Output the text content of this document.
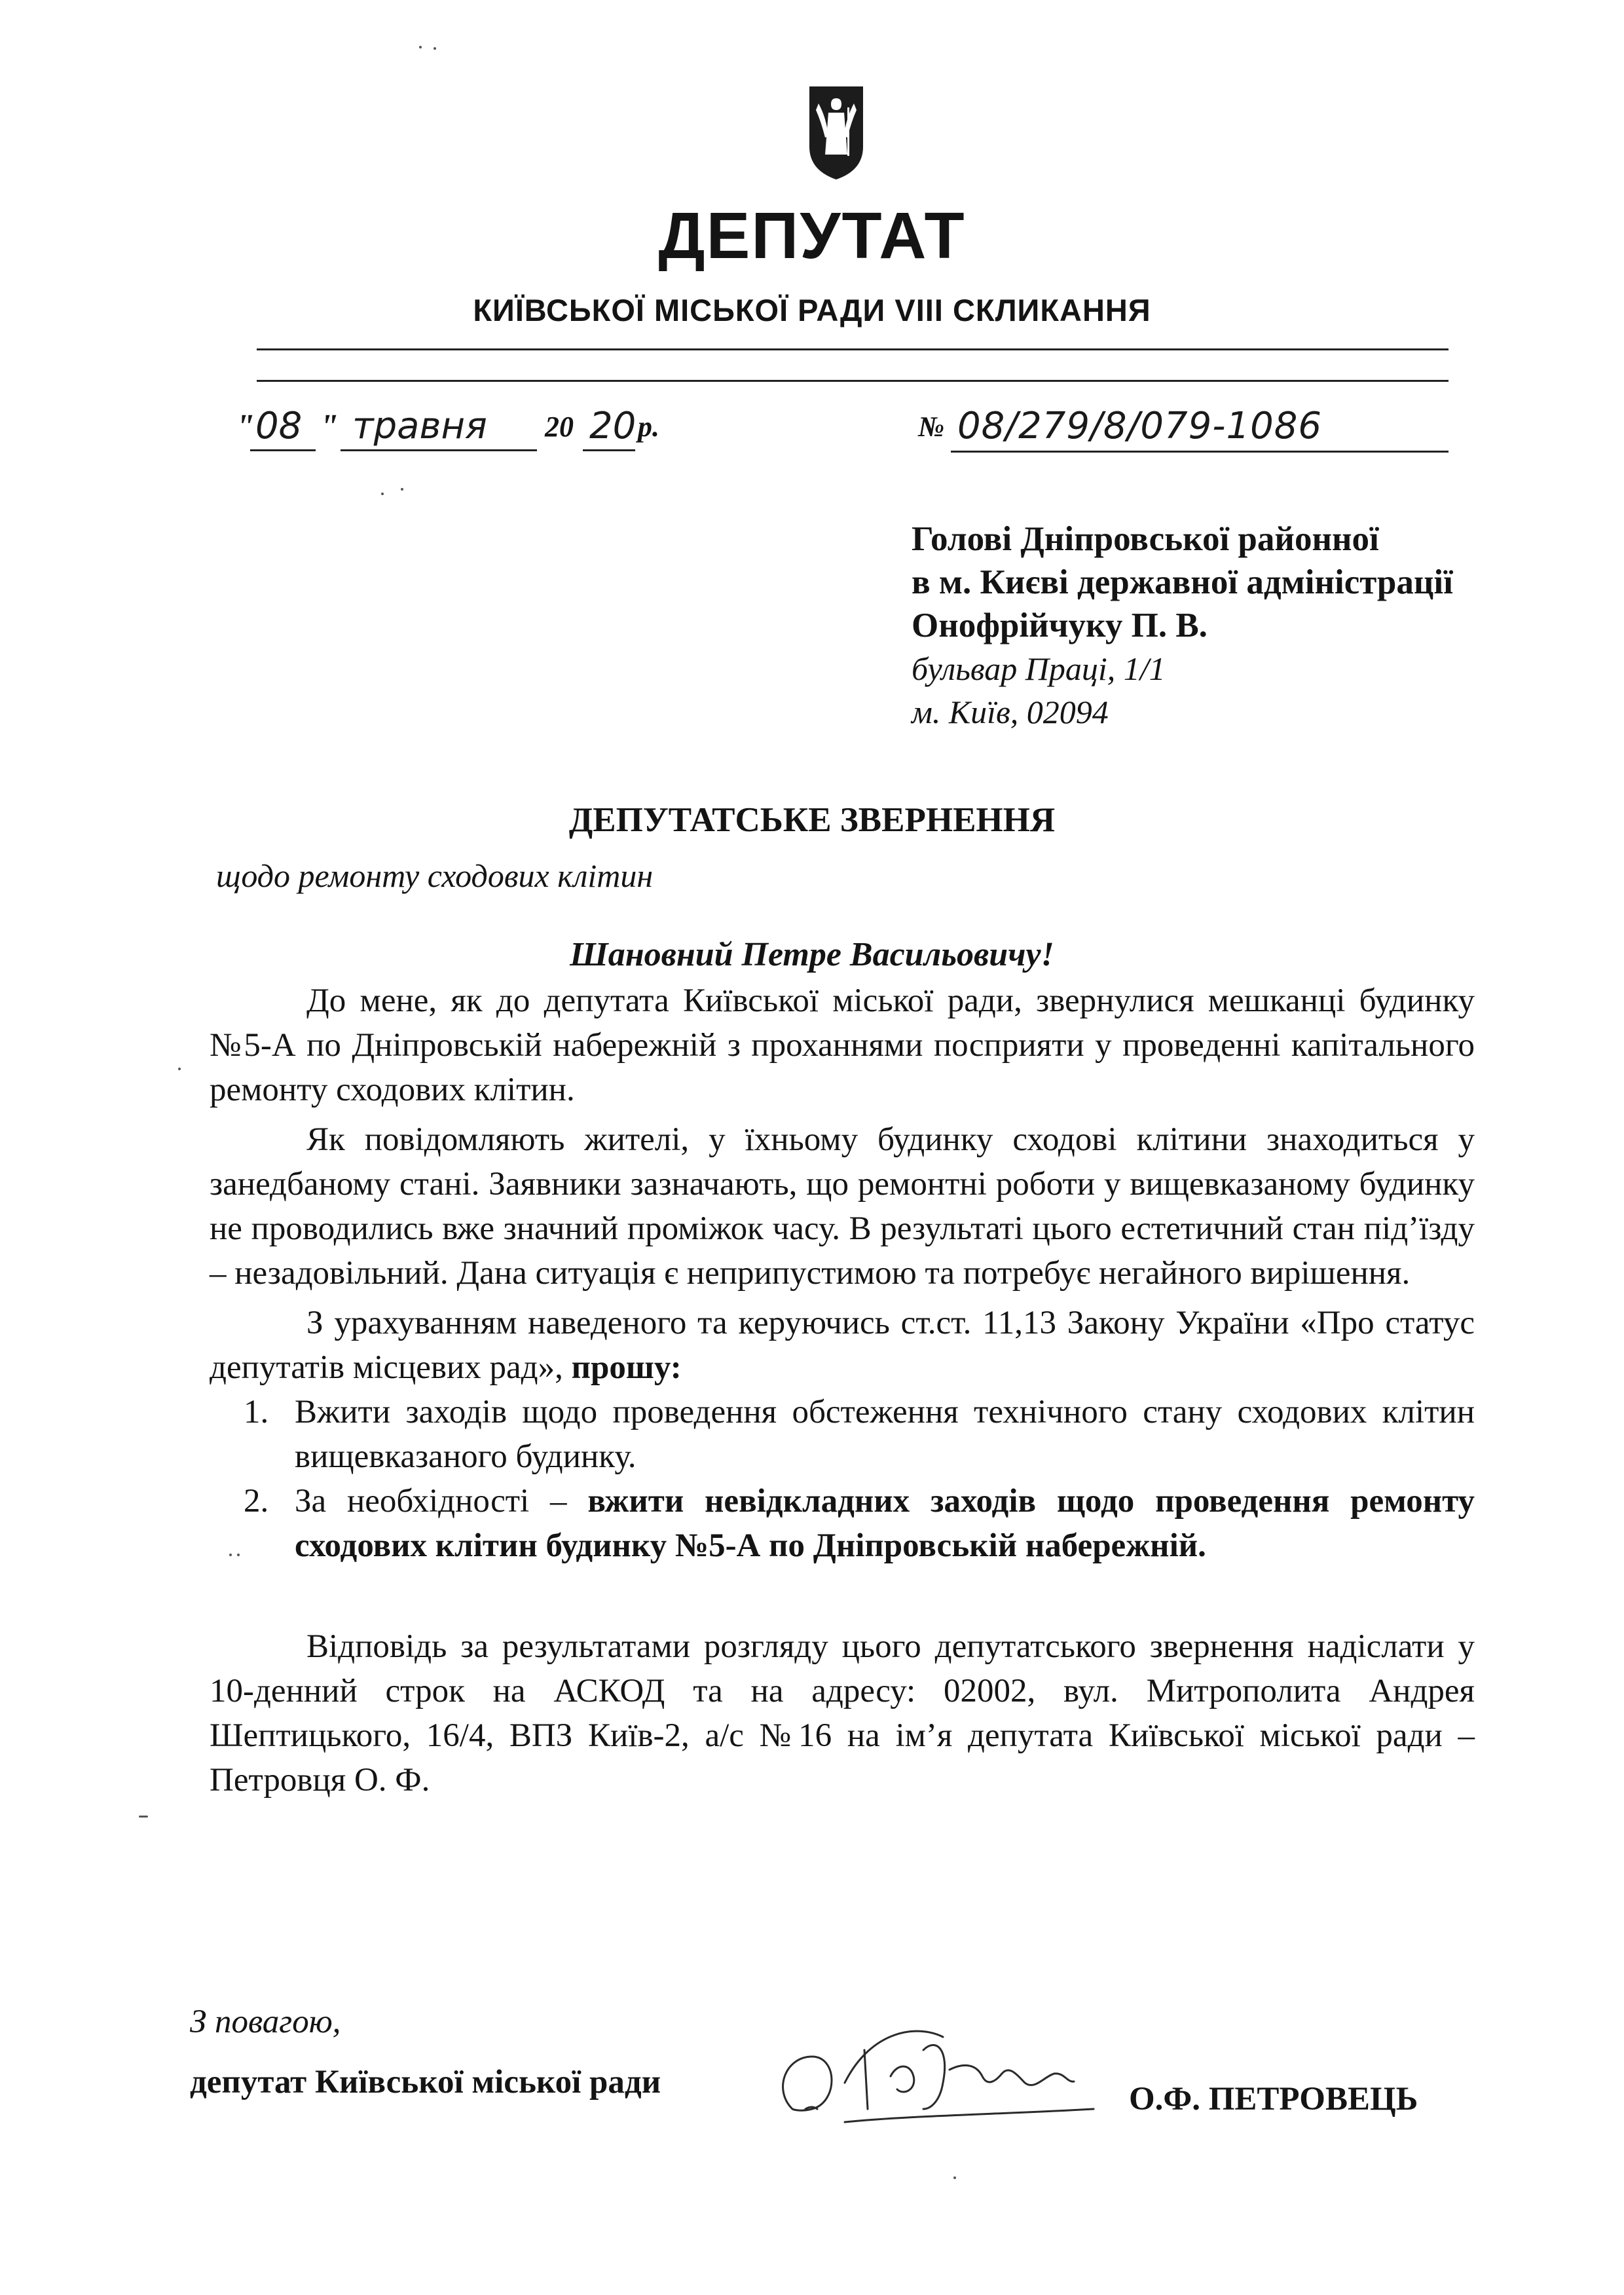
ДЕПУТАТ
КИЇВСЬКОЇ МІСЬКОЇ РАДИ VIII СКЛИКАННЯ
" 08 " травня 20 20 р.	№ 08/279/8/079-1086
Голові Дніпровської районної
в м. Києві державної адміністрації
Онофрійчуку П. В.
бульвар Праці, 1/1
м. Київ, 02094
ДЕПУТАТСЬКЕ ЗВЕРНЕННЯ
щодо ремонту сходових клітин
Шановний Петре Васильовичу!

До мене, як до депутата Київської міської ради, звернулися мешканці будинку №5-А по Дніпровській набережній з проханнями посприяти у проведенні капітального ремонту сходових клітин.

Як повідомляють жителі, у їхньому будинку сходові клітини знаходиться у занедбаному стані. Заявники зазначають, що ремонтні роботи у вищевказаному будинку не проводились вже значний проміжок часу. В результаті цього естетичний стан під’їзду – незадовільний. Дана ситуація є неприпустимою та потребує негайного вирішення.

З урахуванням наведеного та керуючись ст.ст. 11,13 Закону України «Про статус депутатів місцевих рад», прошу:

1. Вжити заходів щодо проведення обстеження технічного стану сходових клітин вищевказаного будинку.
2. За необхідності – вжити невідкладних заходів щодо проведення ремонту сходових клітин будинку №5-А по Дніпровській набережній.

Відповідь за результатами розгляду цього депутатського звернення надіслати у 10-денний строк на АСКОД та на адресу: 02002, вул. Митрополита Андрея Шептицького, 16/4, ВПЗ Київ-2, а/с №16 на ім’я депутата Київської міської ради – Петровця О. Ф.

З повагою,
депутат Київської міської ради	О.Ф. ПЕТРОВЕЦЬ
